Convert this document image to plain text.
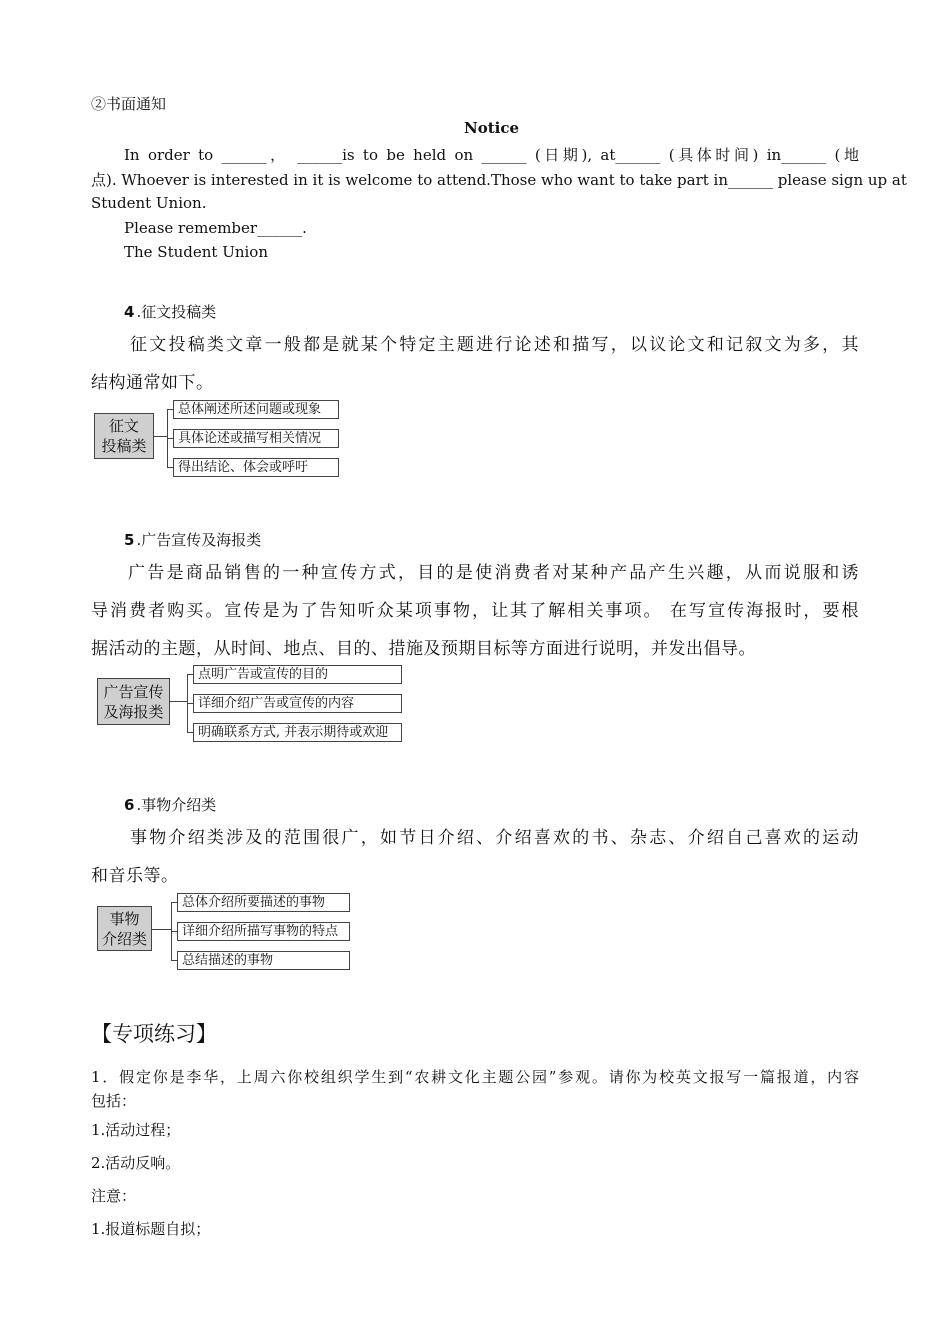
②书面通知
Notice
In order to ______， ______is to be held on ______ (日期), at______ (具体时间) in______ (地
点). Whoever is interested in it is welcome to attend.Those who want to take part in______ please sign up at
Student Union.
Please remember______.
The Student Union
4 .征文投稿类
征文投稿类文章一般都是就某个特定主题进行论述和描写，以议论文和记叙文为多，其
结构通常如下。
征文
投稿类
总体阐述所述问题或现象
具体论述或描写相关情况
得出结论、体会或呼吁
5 .广告宣传及海报类
广告是商品销售的一种宣传方式，目的是使消费者对某种产品产生兴趣，从而说服和诱
导消费者购买。宣传是为了告知听众某项事物，让其了解相关事项。 在写宣传海报时，要根
据活动的主题，从时间、地点、目的、措施及预期目标等方面进行说明，并发出倡导。
广告宣传
及海报类
点明广告或宣传的目的
详细介绍广告或宣传的内容
明确联系方式, 并表示期待或欢迎
6 .事物介绍类
事物介绍类涉及的范围很广，如节日介绍、介绍喜欢的书、杂志、介绍自己喜欢的运动
和音乐等。
事物
介绍类
总体介绍所要描述的事物
详细介绍所描写事物的特点
总结描述的事物
【专项练习】
1．假定你是李华，上周六你校组织学生到“农耕文化主题公园”参观。请你为校英文报写一篇报道，内容
包括：
1.活动过程；
2.活动反响。
注意：
1.报道标题自拟；
